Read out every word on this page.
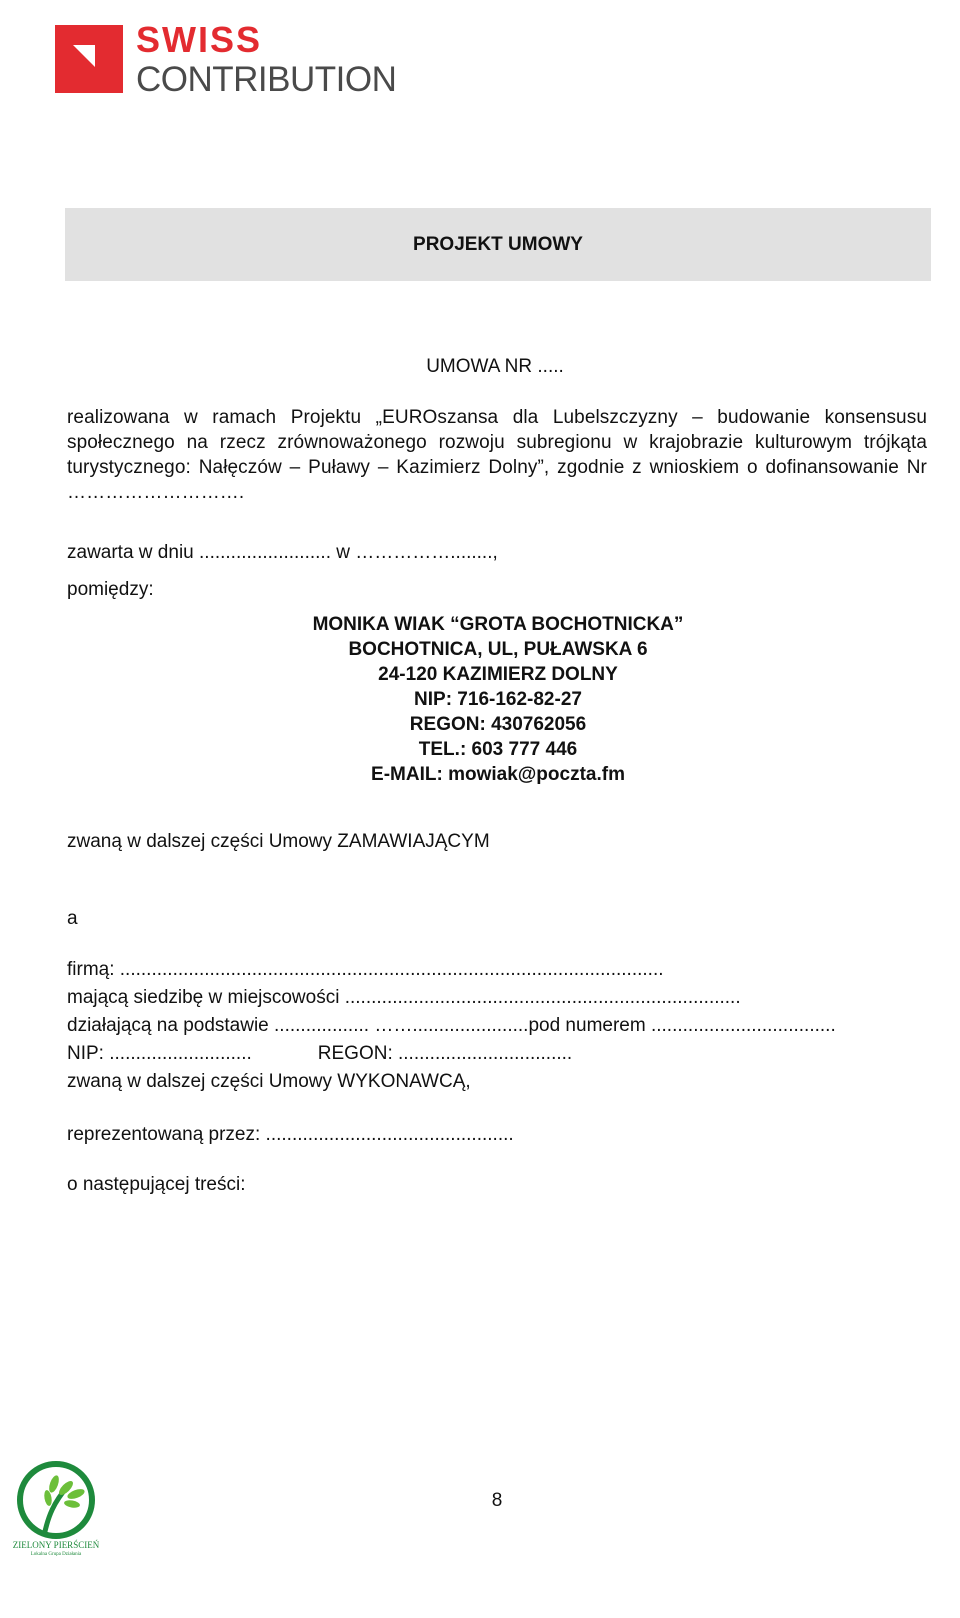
SWISS
CONTRIBUTION
PROJEKT UMOWY
UMOWA NR .....
realizowana w ramach Projektu „EUROszansa dla Lubelszczyzny – budowanie konsensusu społecznego na rzecz zrównoważonego rozwoju subregionu w krajobrazie kulturowym trójkąta turystycznego: Nałęczów – Puławy – Kazimierz Dolny”, zgodnie z wnioskiem o dofinansowanie Nr ……………………….
zawarta w dniu ......................... w ……………........,
pomiędzy:
MONIKA WIAK “GROTA BOCHOTNICKA”
BOCHOTNICA, UL, PUŁAWSKA 6
24-120 KAZIMIERZ DOLNY
NIP: 716-162-82-27
REGON: 430762056
TEL.: 603 777 446
E-MAIL: mowiak@poczta.fm
zwaną w dalszej części Umowy ZAMAWIAJĄCYM
a
firmą: .......................................................................................................
mającą siedzibę w miejscowości ...........................................................................
działającą na podstawie .................. ……......................pod numerem ...................................
NIP: ...........................	REGON: .................................
zwaną w dalszej części Umowy WYKONAWCĄ,
reprezentowaną przez: ...............................................
o następującej treści:
8
ZIELONY PIERŚCIEŃ
Lokalna Grupa Działania
